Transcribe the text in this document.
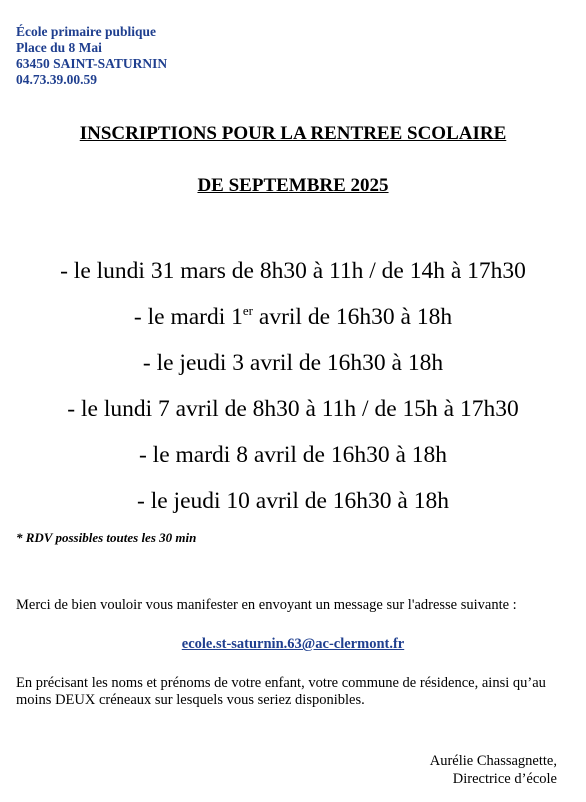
École primaire publique
Place du 8 Mai
63450 SAINT-SATURNIN
04.73.39.00.59
INSCRIPTIONS POUR LA RENTREE SCOLAIRE
DE SEPTEMBRE 2025
- le lundi 31 mars de 8h30 à 11h / de 14h à 17h30
- le mardi 1er avril de 16h30 à 18h
- le jeudi 3 avril de 16h30 à 18h
- le lundi 7 avril de 8h30 à 11h / de 15h à 17h30
- le mardi 8 avril de 16h30 à 18h
- le jeudi 10 avril de 16h30 à 18h
* RDV possibles toutes les 30 min
Merci de bien vouloir vous manifester en envoyant un message sur l'adresse suivante :
ecole.st-saturnin.63@ac-clermont.fr
En précisant les noms et prénoms de votre enfant, votre commune de résidence, ainsi qu’au moins DEUX créneaux sur lesquels vous seriez disponibles.
Aurélie Chassagnette,
Directrice d’école
